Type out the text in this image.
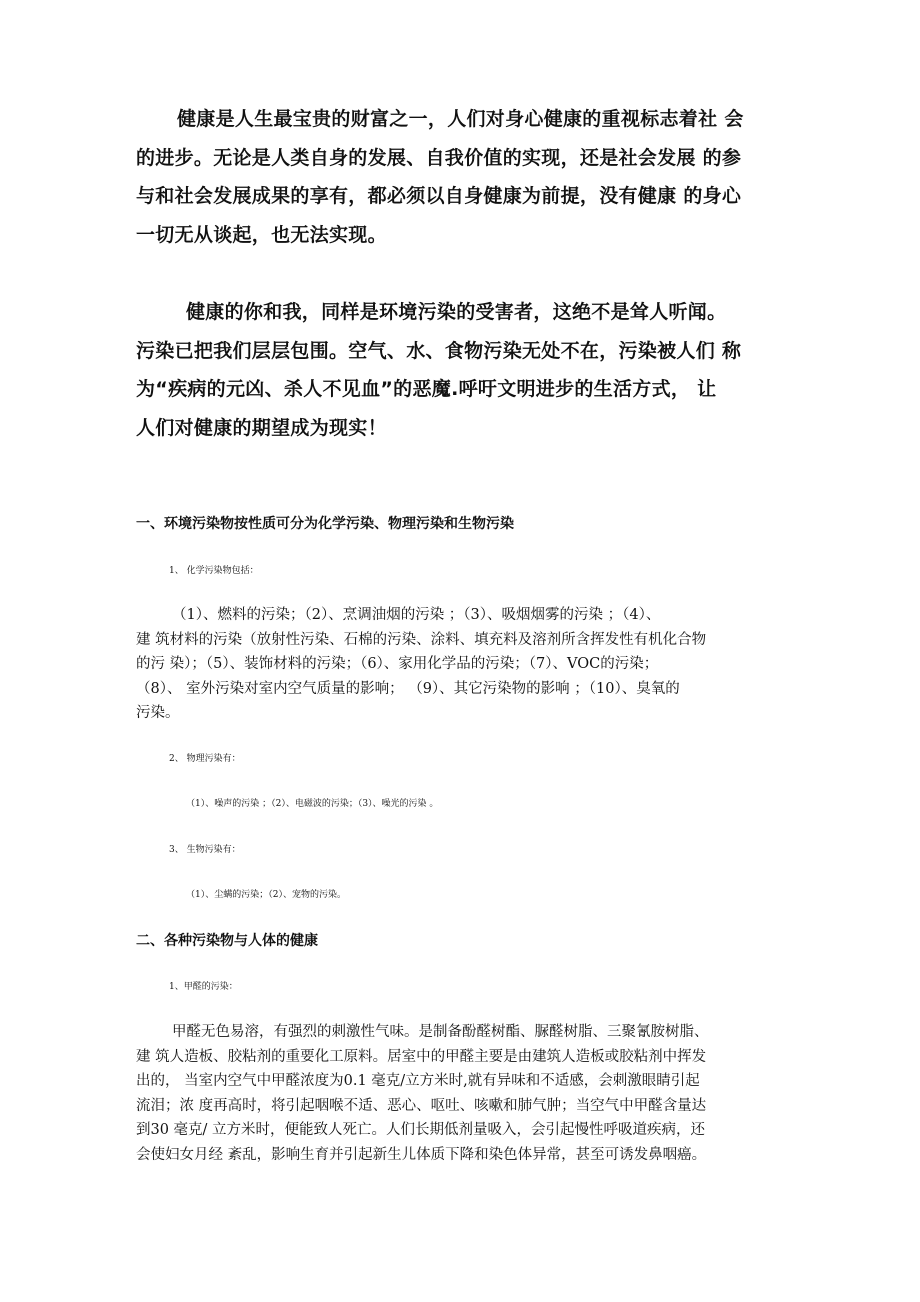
健康是人生最宝贵的财富之一，人们对身心健康的重视标志着社 会
的进步。无论是人类自身的发展、自我价值的实现，还是社会发展 的参
与和社会发展成果的享有，都必须以自身健康为前提，没有健康 的身心
一切无从谈起，也无法实现。
健康的你和我，同样是环境污染的受害者，这绝不是耸人听闻。
污染已把我们层层包围。空气、水、食物污染无处不在，污染被人们 称
为“疾病的元凶、杀人不见血”的恶魔.呼吁文明进步的生活方式， 让
人们对健康的期望成为现实！
一、环境污染物按性质可分为化学污染、物理污染和生物污染
1、 化学污染物包括：
（1）、燃料的污染；（2）、烹调油烟的污染 ；（3）、吸烟烟雾的污染 ；（4）、
建 筑材料的污染（放射性污染、石棉的污染、涂料、填充料及溶剂所含挥发性有机化合物
的污 染）；（5）、装饰材料的污染；（6）、家用化学品的污染；（7）、VOC的污染；
（8）、 室外污染对室内空气质量的影响； （9）、其它污染物的影响 ；（10）、臭氧的
污染。
2、 物理污染有：
（1）、噪声的污染 ；（2）、电磁波的污染；（3）、噪光的污染 。
3、 生物污染有：
（1）、尘螨的污染；（2）、宠物的污染。
二、各种污染物与人体的健康
1、甲醛的污染：
甲醛无色易溶，有强烈的刺激性气味。是制备酚醛树酯、脲醛树脂、三聚氰胺树脂、
建 筑人造板、胶粘剂的重要化工原料。居室中的甲醛主要是由建筑人造板或胶粘剂中挥发
出的， 当室内空气中甲醛浓度为0.1 毫克/立方米时,就有异味和不适感，会刺激眼睛引起
流泪；浓 度再高时，将引起咽喉不适、恶心、呕吐、咳嗽和肺气肿；当空气中甲醛含量达
到30 毫克/ 立方米时，便能致人死亡。人们长期低剂量吸入，会引起慢性呼吸道疾病，还
会使妇女月经 紊乱，影响生育并引起新生儿体质下降和染色体异常，甚至可诱发鼻咽癌。
